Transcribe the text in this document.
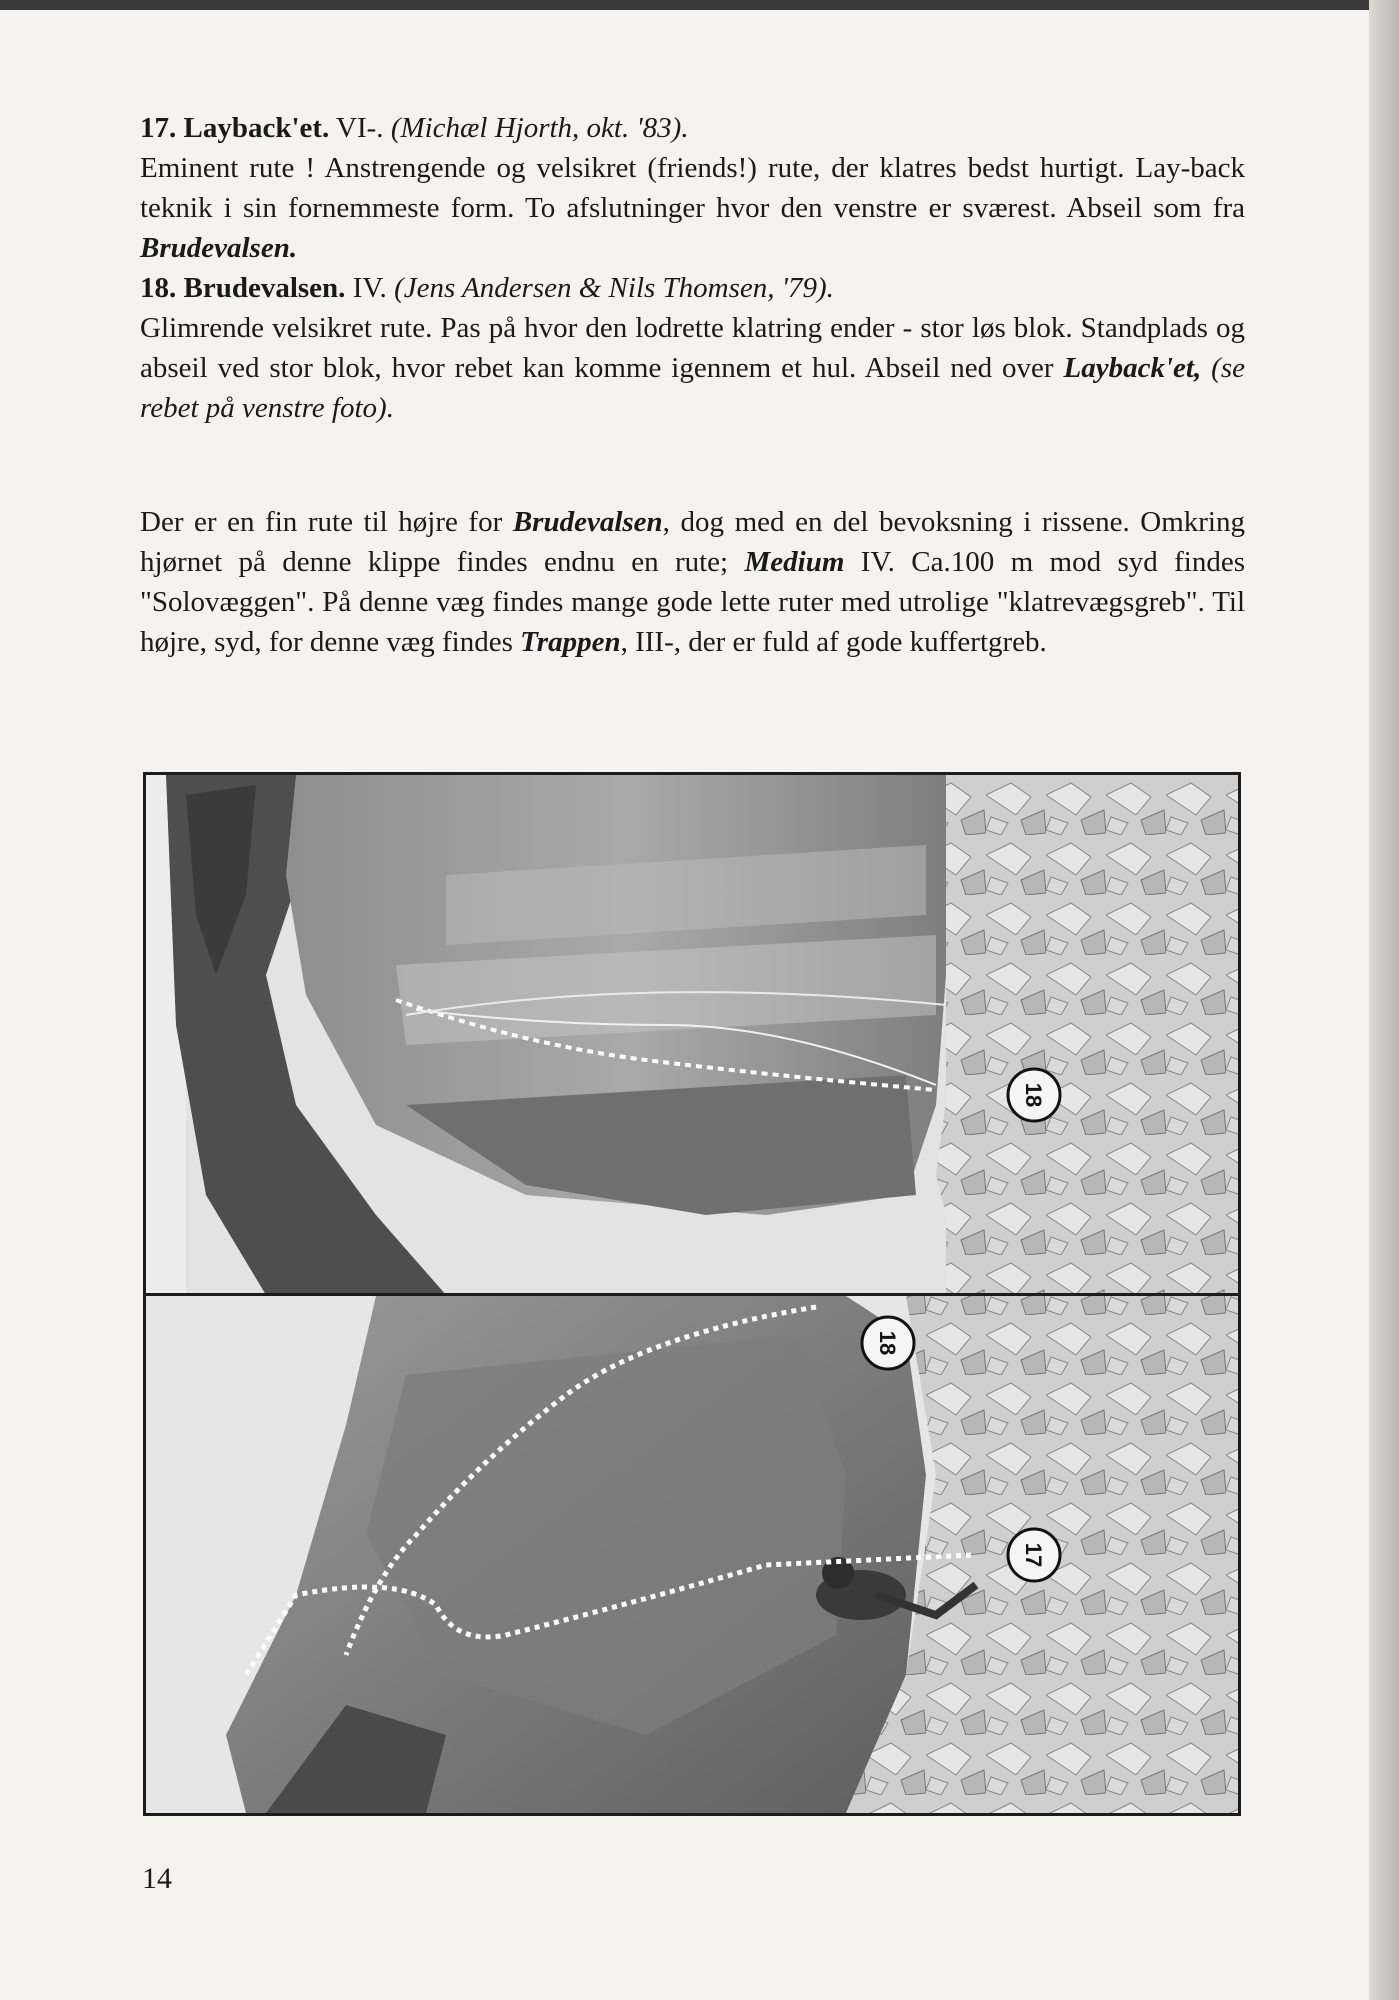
17. Layback'et. VI-. (Michæl Hjorth, okt. '83).

Eminent rute ! Anstrengende og velsikret (friends!) rute, der klatres bedst hurtigt. Lay-back teknik i sin fornemmeste form. To afslutninger hvor den venstre er sværest. Abseil som fra Brudevalsen.

18. Brudevalsen. IV. (Jens Andersen & Nils Thomsen, '79).

Glimrende velsikret rute. Pas på hvor den lodrette klatring ender - stor løs blok. Standplads og abseil ved stor blok, hvor rebet kan komme igennem et hul. Abseil ned over Layback'et, (se rebet på venstre foto).

Der er en fin rute til højre for Brudevalsen, dog med en del bevoksning i rissene. Omkring hjørnet på denne klippe findes endnu en rute; Medium IV. Ca.100 m mod syd findes "Solovæggen". På denne væg findes mange gode lette ruter med utrolige "klatrevægsgreb". Til højre, syd, for denne væg findes Trappen, III-, der er fuld af gode kuffertgreb.

18
18
17
14
